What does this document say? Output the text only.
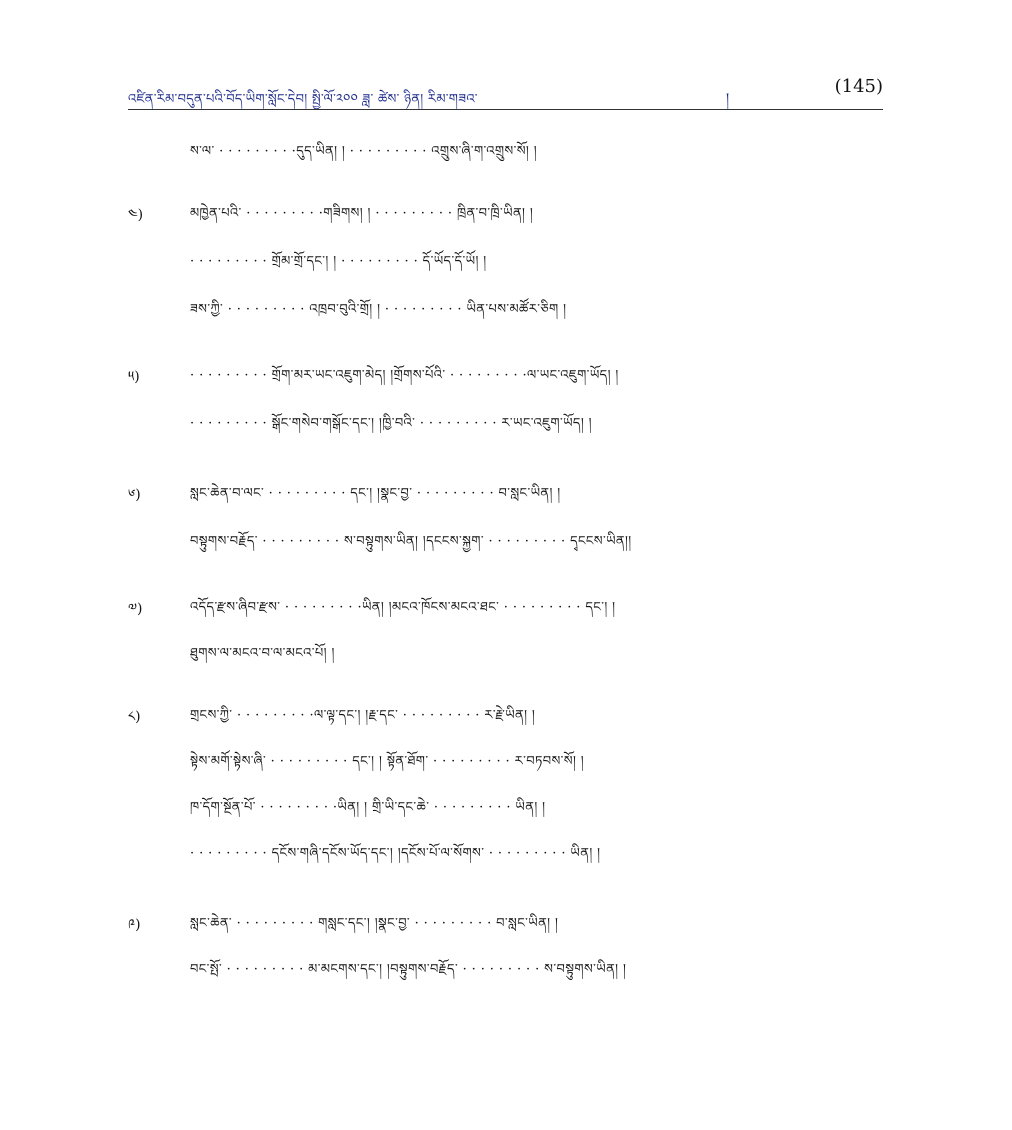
འཛིན་རིམ་བདུན་པའི་བོད་ཡིག་སློང་དེབ། སྤྱི་ལོ་༢༠༠ ཟླ་ ཚེས་ ཉིན། རིམ་གཟའ་	།
(145)
ས་ལ་ · · · · · · · · ·དུད་ཡིན། ། · · · · · · · · · འགྲུས་ཞི་ག་འགྲུས་སོ། །
༤)	མཁྱེན་པའི་ · · · · · · · · ·གཟིགས། ། · · · · · · · · · ཁྲིན་བ་ཁྲི་ཡིན། །
· · · · · · · · · གྲོམ་གྲོ་དང་། ། · · · · · · · · · དོ་ཡོད་དོ་ཡོ། །
ཟས་ཀྱི་ · · · · · · · · · འཁྲབ་བུའི་གྲོ། ། · · · · · · · · · ཡིན་པས་མཚོར་ཅིག །
༥)	· · · · · · · · · གྲོག་མར་ཡང་འཇུག་མེད། །གྲོགས་པོའི་ · · · · · · · · ·ལ་ཡང་འཇུག་ཡོད། །
· · · · · · · · · སྒོང་གསེབ་གསྒོང་དང་། །ཁྱི་བའི་ · · · · · · · · · ར་ཡང་འཇུག་ཡོད། །
༦)	སླང་ཆེན་བ་ལང་ · · · · · · · · · དང་། །སྣང་བྱ་ · · · · · · · · · བ་སླང་ཡིན། །
བསྟུགས་བརྗོད་ · · · · · · · · · ས་བསྟུགས་ཡིན། །དངངས་སྐྱག་ · · · · · · · · · དྭངངས་ཡིན།།
༧)	འདོད་རྫས་ཞིབ་རྫས་ · · · · · · · · ·ཡིན། །མངའ་ཁོངས་མངའ་ཐང་ · · · · · · · · · དང་། །
ཐུགས་ལ་མངའ་བ་ལ་མངའ་པོ། །
༨)	གྲངས་ཀྱི་ · · · · · · · · ·ལ་ལྟ་དང་། །རྗ་དང་ · · · · · · · · · ར་རྗེ་ཡིན། །
སྟེས་མགོ་སྟེས་ཞི་ · · · · · · · · · དང་། ། སྟོན་ཐོག་ · · · · · · · · · ར་བཏབས་སོ། །
ཁ་དོག་སྔོན་པོ་ · · · · · · · · ·ཡིན། ། གྲི་ཡི་དང་ཆེ་ · · · · · · · · · ཡིན། །
· · · · · · · · · དངོས་གཞི་དངོས་ཡོད་དང་། །དངོས་པོ་ལ་སོགས་ · · · · · · · · · ཡིན། །
༩)	སླང་ཆེན་ · · · · · · · · · གསླང་དང་། །སྣང་བྱ་ · · · · · · · · · བ་སླང་ཡིན། །
བང་སྤོ་ · · · · · · · · · མ་མངགས་དང་། །བསྟུགས་བརྗོད་ · · · · · · · · · ས་བསྟུགས་ཡིན། །
